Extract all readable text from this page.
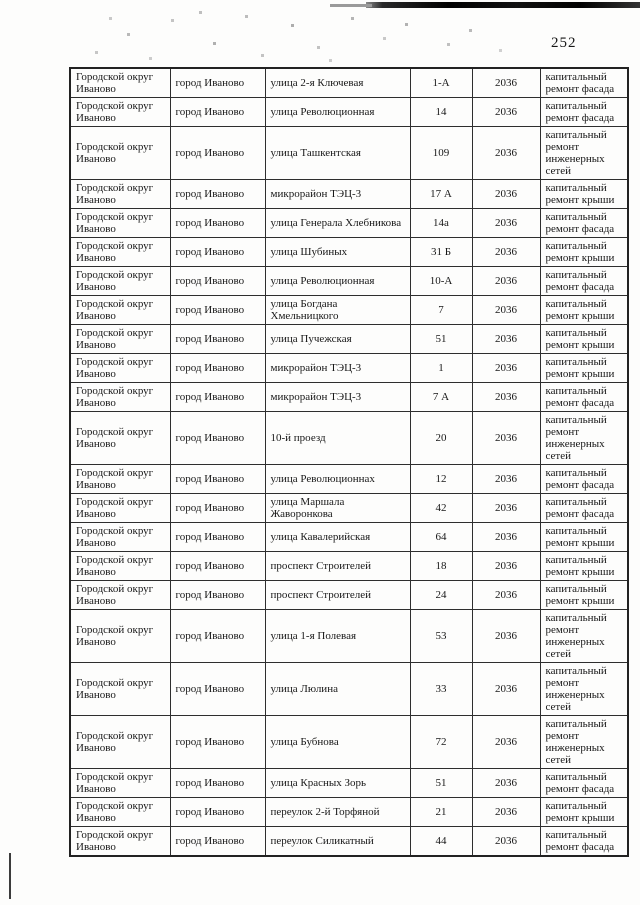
252
Городской округ Иваново	город Иваново	улица 2-я Ключевая	1-А	2036	капитальный ремонт фасада
Городской округ Иваново	город Иваново	улица Революционная	14	2036	капитальный ремонт фасада
Городской округ Иваново	город Иваново	улица Ташкентская	109	2036	капитальный ремонт инженерных сетей
Городской округ Иваново	город Иваново	микрорайон ТЭЦ-3	17 А	2036	капитальный ремонт крыши
Городской округ Иваново	город Иваново	улица Генерала Хлебникова	14а	2036	капитальный ремонт фасада
Городской округ Иваново	город Иваново	улица Шубиных	31 Б	2036	капитальный ремонт крыши
Городской округ Иваново	город Иваново	улица Революционная	10-А	2036	капитальный ремонт фасада
Городской округ Иваново	город Иваново	улица Богдана Хмельницкого	7	2036	капитальный ремонт крыши
Городской округ Иваново	город Иваново	улица Пучежская	51	2036	капитальный ремонт крыши
Городской округ Иваново	город Иваново	микрорайон ТЭЦ-3	1	2036	капитальный ремонт крыши
Городской округ Иваново	город Иваново	микрорайон ТЭЦ-3	7 А	2036	капитальный ремонт фасада
Городской округ Иваново	город Иваново	10-й проезд	20	2036	капитальный ремонт инженерных сетей
Городской округ Иваново	город Иваново	улица Революционнах	12	2036	капитальный ремонт фасада
Городской округ Иваново	город Иваново	улица Маршала Жаворонкова	42	2036	капитальный ремонт фасада
Городской округ Иваново	город Иваново	улица Кавалерийская	64	2036	капитальный ремонт крыши
Городской округ Иваново	город Иваново	проспект Строителей	18	2036	капитальный ремонт крыши
Городской округ Иваново	город Иваново	проспект Строителей	24	2036	капитальный ремонт крыши
Городской округ Иваново	город Иваново	улица 1-я Полевая	53	2036	капитальный ремонт инженерных сетей
Городской округ Иваново	город Иваново	улица Люлина	33	2036	капитальный ремонт инженерных сетей
Городской округ Иваново	город Иваново	улица Бубнова	72	2036	капитальный ремонт инженерных сетей
Городской округ Иваново	город Иваново	улица Красных Зорь	51	2036	капитальный ремонт фасада
Городской округ Иваново	город Иваново	переулок 2-й Торфяной	21	2036	капитальный ремонт крыши
Городской округ Иваново	город Иваново	переулок Силикатный	44	2036	капитальный ремонт фасада
